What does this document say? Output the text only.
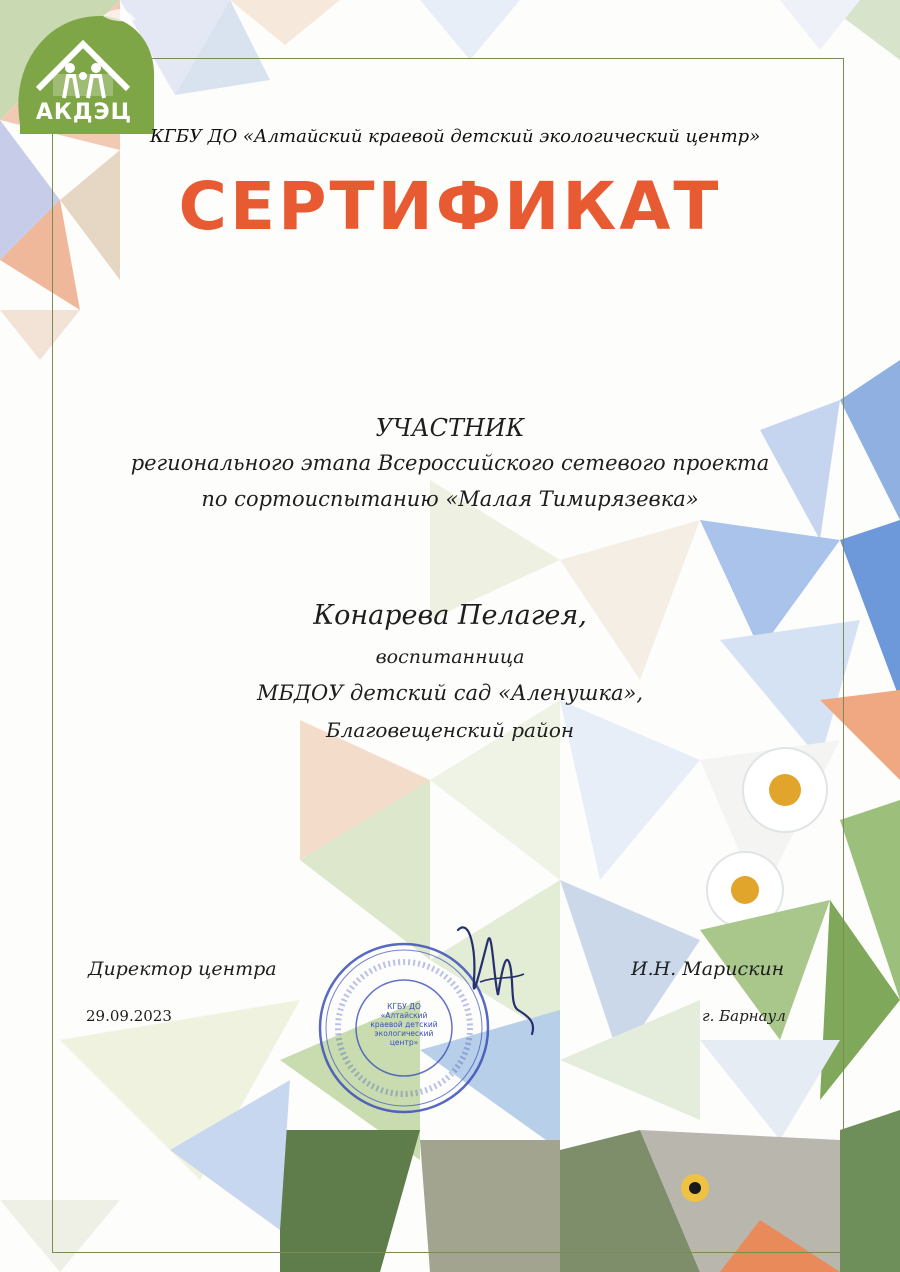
АКДЭЦ
КГБУ ДО «Алтайский краевой детский экологический центр»
СЕРТИФИКАТ
УЧАСТНИК
регионального этапа Всероссийского сетевого проекта
по сортоиспытанию «Малая Тимирязевка»
Конарева Пелагея,
воспитанница
МБДОУ детский сад «Аленушка»,
Благовещенский район
Директор центра	И.Н. Марискин
29.09.2023	г. Барнаул
КГБУ ДО «Алтайский краевой детский экологический центр»
